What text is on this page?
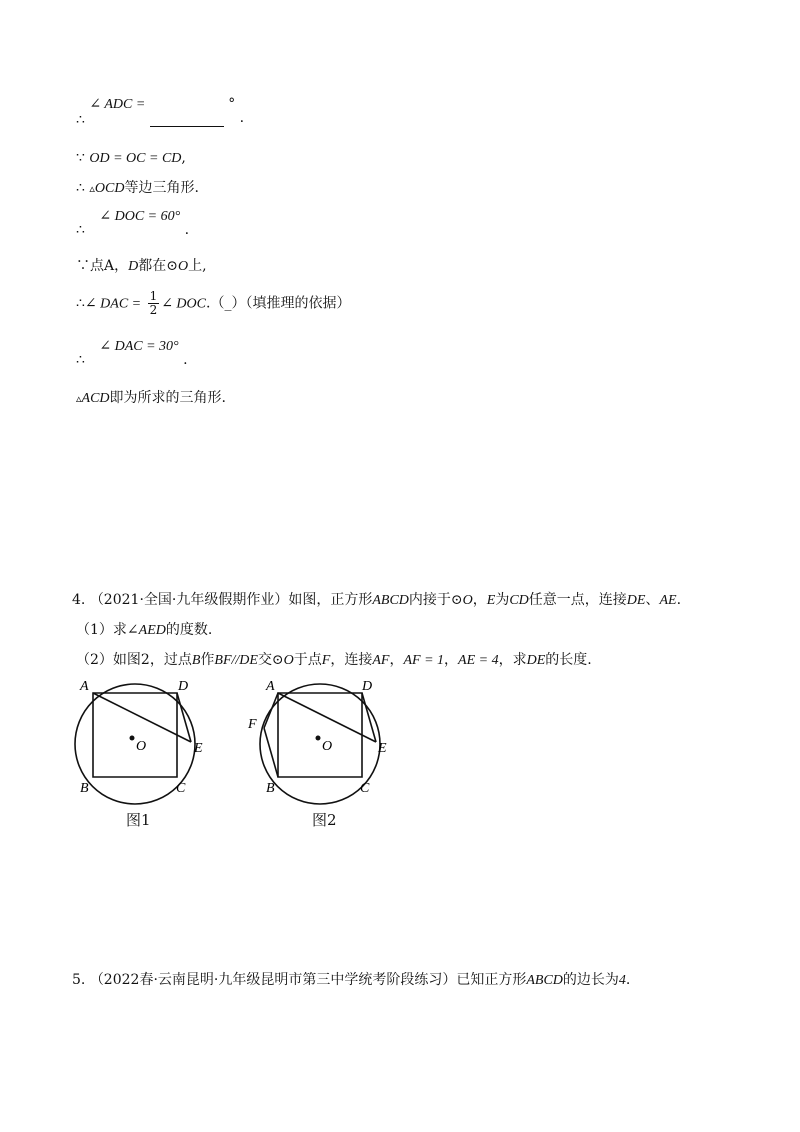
∴ ∠ ADC =	° .
∵ OD = OC = CD,
∴ ▵OCD等边三角形.
∴ ∠ DOC = 60° .
∵点A，D都在⊙O上,
∴∠ DAC = $\frac{1}{2}$ ∠ DOC.（_）（填推理的依据）
∴ ∠ DAC = 30° .
▵ACD即为所求的三角形.
4. （2021·全国·九年级假期作业）如图，正方形ABCD内接于⊙O，E为CD任意一点，连接DE、AE.
（1）求∠AED的度数.
（2）如图2，过点B作BF//DE交⊙O于点F，连接AF，AF = 1，AE = 4，求DE的长度.
A	D
E
O
B	C
图1
A	D
F
E
O
B	C
图2
5. （2022春·云南昆明·九年级昆明市第三中学统考阶段练习）已知正方形ABCD的边长为4.
